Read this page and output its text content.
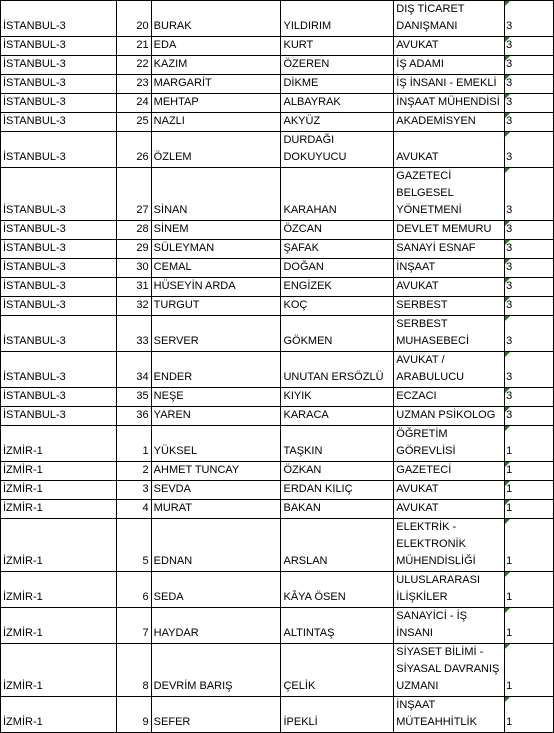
İSTANBUL-3	20	BURAK	YILDIRIM	DIŞ TİCARET DANIŞMANI	3
İSTANBUL-3	21	EDA	KURT	AVUKAT	3
İSTANBUL-3	22	KAZIM	ÖZEREN	İŞ ADAMI	3
İSTANBUL-3	23	MARGARİT	DİKME	İŞ İNSANI - EMEKLİ	3
İSTANBUL-3	24	MEHTAP	ALBAYRAK	İNŞAAT MÜHENDİSİ	3
İSTANBUL-3	25	NAZLI	AKYÜZ	AKADEMİSYEN	3
İSTANBUL-3	26	ÖZLEM	DURDAĞI DOKUYUCU	AVUKAT	3
İSTANBUL-3	27	SİNAN	KARAHAN	GAZETECİ BELGESEL YÖNETMENİ	3
İSTANBUL-3	28	SİNEM	ÖZCAN	DEVLET MEMURU	3
İSTANBUL-3	29	SÜLEYMAN	ŞAFAK	SANAYİ ESNAF	3
İSTANBUL-3	30	CEMAL	DOĞAN	İNŞAAT	3
İSTANBUL-3	31	HÜSEYİN ARDA	ENGİZEK	AVUKAT	3
İSTANBUL-3	32	TURGUT	KOÇ	SERBEST	3
İSTANBUL-3	33	SERVER	GÖKMEN	SERBEST MUHASEBECİ	3
İSTANBUL-3	34	ENDER	UNUTAN ERSÖZLÜ	AVUKAT / ARABULUCU	3
İSTANBUL-3	35	NEŞE	KIYIK	ECZACI	3
İSTANBUL-3	36	YAREN	KARACA	UZMAN PSİKOLOG	3
İZMİR-1	1	YÜKSEL	TAŞKIN	ÖĞRETİM GÖREVLİSİ	1
İZMİR-1	2	AHMET TUNCAY	ÖZKAN	GAZETECİ	1
İZMİR-1	3	SEVDA	ERDAN KILIÇ	AVUKAT	1
İZMİR-1	4	MURAT	BAKAN	AVUKAT	1
İZMİR-1	5	EDNAN	ARSLAN	ELEKTRİK - ELEKTRONİK MÜHENDİSLİĞİ	1
İZMİR-1	6	SEDA	KÂYA ÖSEN	ULUSLARARASI İLİŞKİLER	1
İZMİR-1	7	HAYDAR	ALTINTAŞ	SANAYİCİ - İŞ İNSANI	1
İZMİR-1	8	DEVRİM BARIŞ	ÇELİK	SİYASET BİLİMİ - SİYASAL DAVRANIŞ UZMANI	1
İZMİR-1	9	SEFER	İPEKLİ	İNŞAAT MÜTEAHHİTLİK	1
